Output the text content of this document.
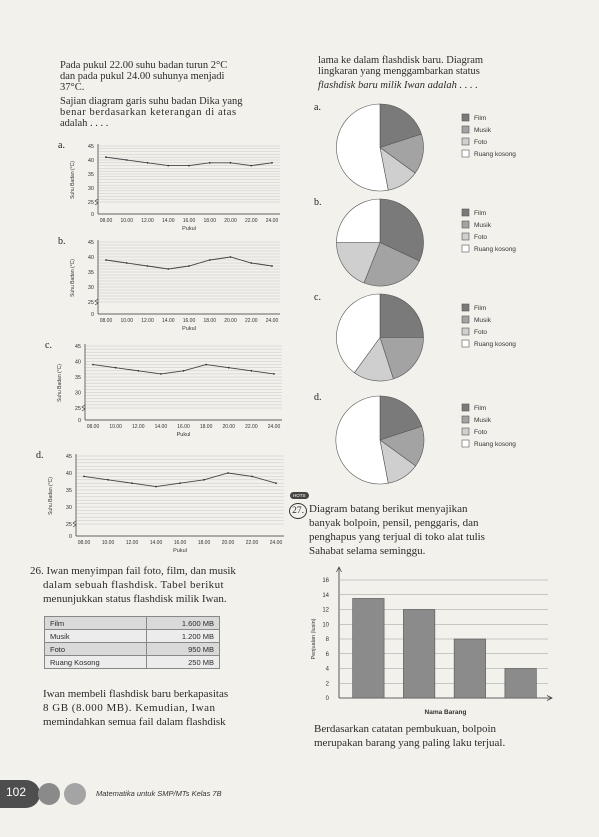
Pada pukul 22.00 suhu badan turun 2°C
dan pada pukul 24.00 suhunya menjadi
37°C.
Sajian diagram garis suhu badan Dika yang
benar berdasarkan keterangan di atas
adalah . . . .
a.	45
40
35
30
25
0
Suhu Badan (°C)
08.00 10.00 12.00 14.00 16.00 18.00 20.00 22.00 24.00
Pukul
b.	45
40
35
30
25
0
Suhu Badan (°C)
08.00 10.00 12.00 14.00 16.00 18.00 20.00 22.00 24.00
Pukul
c.	45
40
35
30
25
0
Suhu Badan (°C)
08.00 10.00 12.00 14.00 16.00 18.00 20.00 22.00 24.00
Pukul
d.	45
40
35
30
25
0
Suhu Badan (°C)
08.00 10.00 12.00 14.00 16.00 18.00 20.00 22.00 24.00
Pukul
lama ke dalam flashdisk baru. Diagram
lingkaran yang menggambarkan status
flashdisk baru milik Iwan adalah . . . .
a.
Film
Musik
Foto
Ruang kosong
b.
Film
Musik
Foto
Ruang kosong
c.
Film
Musik
Foto
Ruang kosong
d.
Film
Musik
Foto
Ruang kosong
HOTS
27. Diagram batang berikut menyajikan
banyak bolpoin, pensil, penggaris, dan
penghapus yang terjual di toko alat tulis
Sahabat selama seminggu.
16
14
12
10
8
6
4
2
0
Penjualan (lusin)
Nama Barang
Berdasarkan catatan pembukuan, bolpoin
merupakan barang yang paling laku terjual.
26. Iwan menyimpan fail foto, film, dan musik
dalam sebuah flashdisk. Tabel berikut
menunjukkan status flashdisk milik Iwan.
Film	1.600 MB
Musik	1.200 MB
Foto	950 MB
Ruang Kosong	250 MB
Iwan membeli flashdisk baru berkapasitas
8 GB (8.000 MB). Kemudian, Iwan
memindahkan semua fail dalam flashdisk
102	Matematika untuk SMP/MTs Kelas 7B
